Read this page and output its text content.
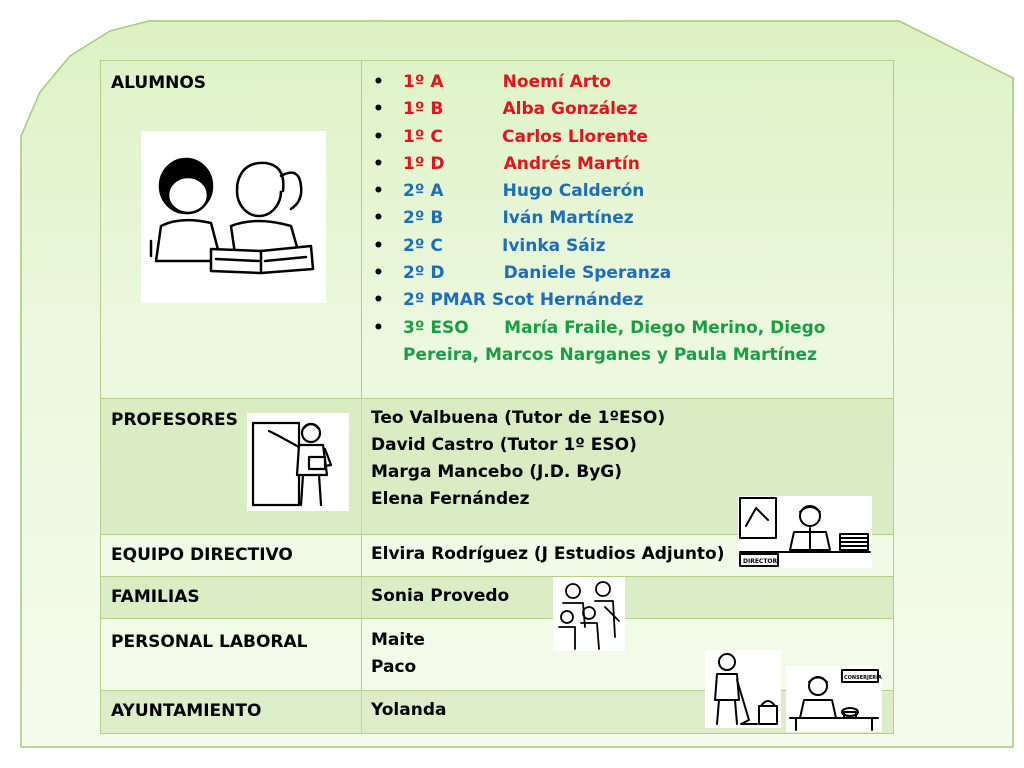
ALUMNOS
•	1º A          Noemí Arto
• 1º B          Alba González
• 1º C          Carlos Llorente
• 1º D          Andrés Martín
• 2º A          Hugo Calderón
• 2º B          Iván Martínez
• 2º C          Ivinka Sáiz
• 2º D          Daniele Speranza
• 2º PMAR Scot Hernández
• 3º ESO      María Fraile, Diego Merino, Diego Pereira, Marcos Narganes y Paula Martínez
PROFESORES	Teo Valbuena (Tutor de 1ºESO)
David Castro (Tutor 1º ESO)
Marga Mancebo (J.D. ByG)
Elena Fernández
EQUIPO DIRECTIVO	Elvira Rodríguez (J Estudios Adjunto)
FAMILIAS	Sonia Provedo
PERSONAL LABORAL	Maite
Paco
AYUNTAMIENTO	Yolanda
DIRECTOR
CONSERJERÍA
